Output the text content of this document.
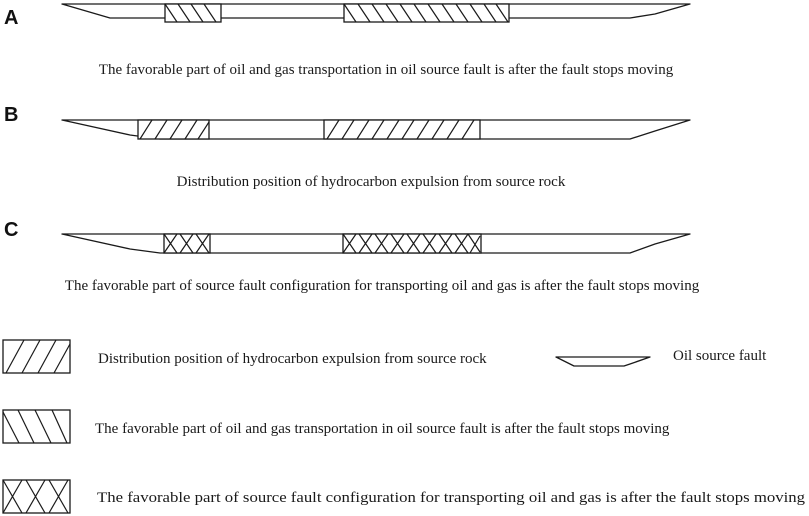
A
The favorable part of oil and gas transportation in oil source fault is after the fault stops moving
B
Distribution position of hydrocarbon expulsion from source rock
C
The favorable part of source fault configuration for transporting oil and gas is after the fault stops moving
Distribution position of hydrocarbon expulsion from source rock	Oil source fault
The favorable part of oil and gas transportation in oil source fault is after the fault stops moving
The favorable part of source fault configuration for transporting oil and gas is after the fault stops moving
